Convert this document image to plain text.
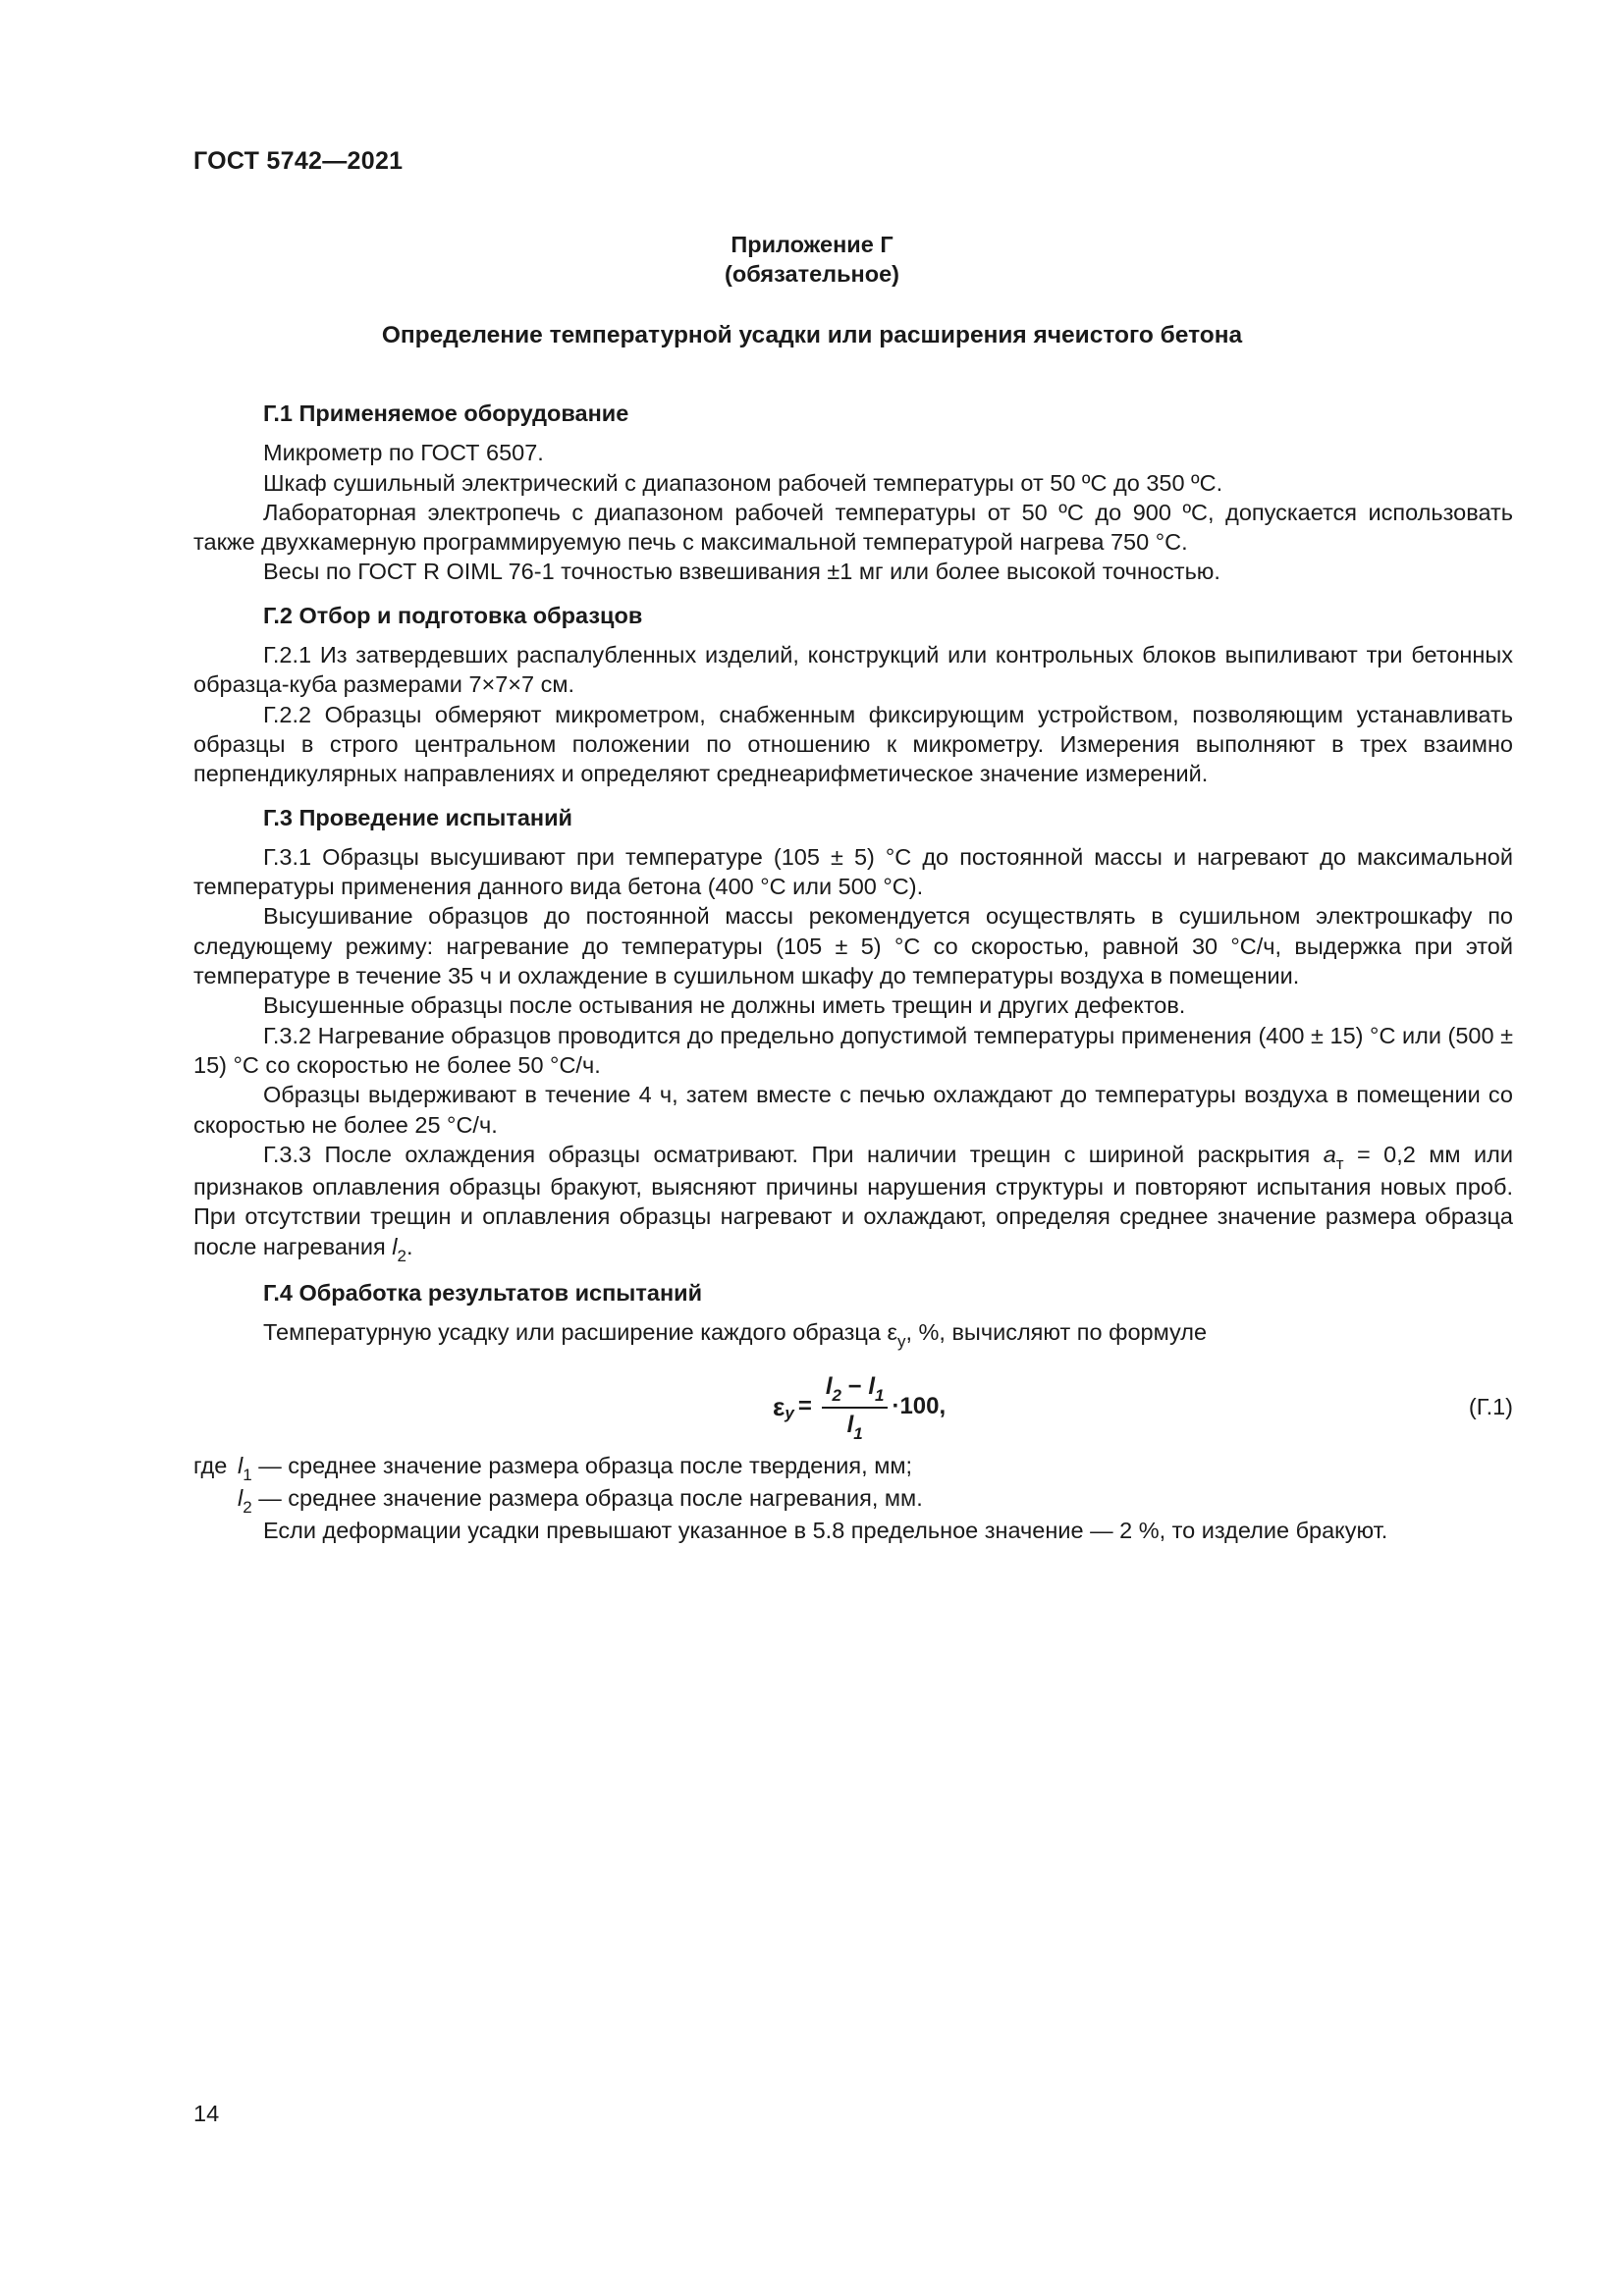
ГОСТ 5742—2021
Приложение Г
(обязательное)
Определение температурной усадки или расширения ячеистого бетона
Г.1 Применяемое оборудование

Микрометр по ГОСТ 6507.

Шкаф сушильный электрический с диапазоном рабочей температуры от 50 ºС до 350 ºС.

Лабораторная электропечь с диапазоном рабочей температуры от 50 ºС до 900 ºС, допускается использовать также двухкамерную программируемую печь с максимальной температурой нагрева 750 °С.

Весы по ГОСТ R OIML 76-1 точностью взвешивания ±1 мг или более высокой точностью.

Г.2 Отбор и подготовка образцов

Г.2.1 Из затвердевших распалубленных изделий, конструкций или контрольных блоков выпиливают три бетонных образца-куба размерами 7×7×7 см.

Г.2.2 Образцы обмеряют микрометром, снабженным фиксирующим устройством, позволяющим устанавливать образцы в строго центральном положении по отношению к микрометру. Измерения выполняют в трех взаимно перпендикулярных направлениях и определяют среднеарифметическое значение измерений.

Г.3 Проведение испытаний

Г.3.1 Образцы высушивают при температуре (105 ± 5) °С до постоянной массы и нагревают до максимальной температуры применения данного вида бетона (400 °С или 500 °С).

Высушивание образцов до постоянной массы рекомендуется осуществлять в сушильном электрошкафу по следующему режиму: нагревание до температуры (105 ± 5) °С со скоростью, равной 30 °С/ч, выдержка при этой температуре в течение 35 ч и охлаждение в сушильном шкафу до температуры воздуха в помещении.

Высушенные образцы после остывания не должны иметь трещин и других дефектов.

Г.3.2 Нагревание образцов проводится до предельно допустимой температуры применения (400 ± 15) °С или (500 ± 15) °С со скоростью не более 50 °С/ч.

Образцы выдерживают в течение 4 ч, затем вместе с печью охлаждают до температуры воздуха в помещении со скоростью не более 25 °С/ч.

Г.3.3 После охлаждения образцы осматривают. При наличии трещин с шириной раскрытия $a_т = 0,2$ мм или признаков оплавления образцы бракуют, выясняют причины нарушения структуры и повторяют испытания новых проб. При отсутствии трещин и оплавления образцы нагревают и охлаждают, определяя среднее значение размера образца после нагревания $l_2$.

Г.4 Обработка результатов испытаний

Температурную усадку или расширение каждого образца $\varepsilon_у$, %, вычисляют по формуле

ε $у = \frac{l_2 - l_1}{l_1} \cdot 100$,	(Г.1)
где $l_1$ — среднее значение размера образца после твердения, мм;
$l_2$ — среднее значение размера образца после нагревания, мм.

Если деформации усадки превышают указанное в 5.8 предельное значение — 2 %, то изделие бракуют.

14
